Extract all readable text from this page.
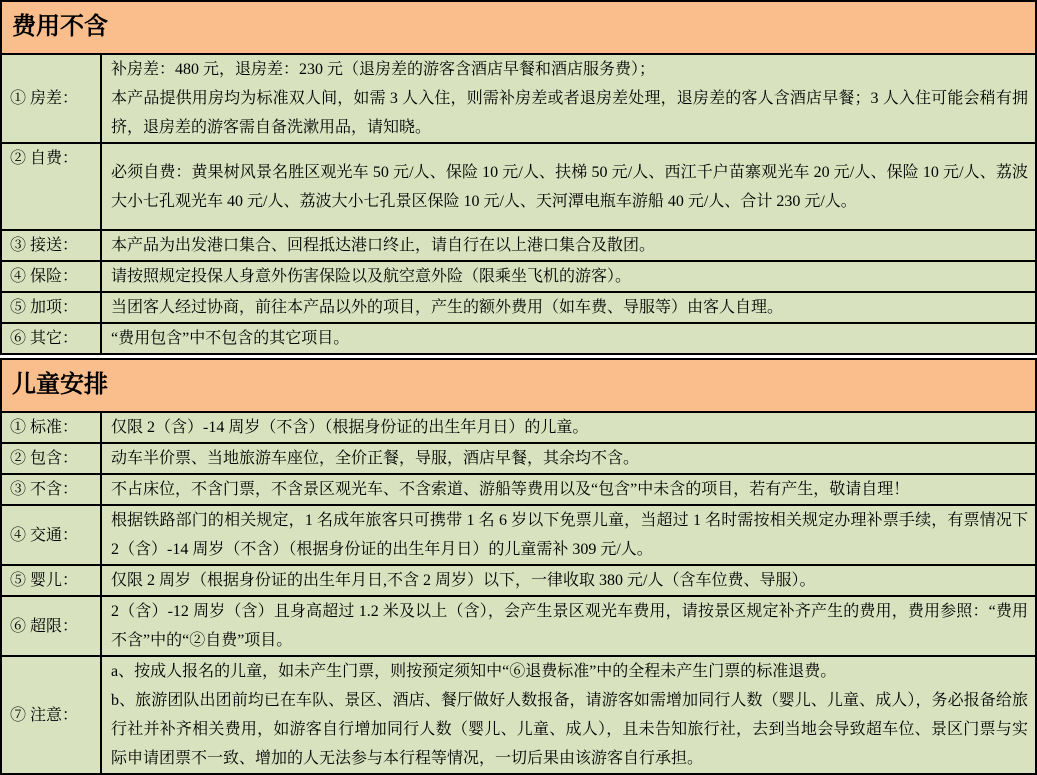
费用不含	
① 房差：	补房差：480 元，退房差：230 元（退房差的游客含酒店早餐和酒店服务费）；
本产品提供用房均为标准双人间，如需 3 人入住，则需补房差或者退房差处理，退房差的客人含酒店早餐；3 人入住可能会稍有拥挤，退房差的游客需自备洗漱用品，请知晓。

② 自费：	必须自费：黄果树风景名胜区观光车 50 元/人、保险 10 元/人、扶梯 50 元/人、西江千户苗寨观光车 20 元/人、保险 10 元/人、荔波大小七孔观光车 40 元/人、荔波大小七孔景区保险 10 元/人、天河潭电瓶车游船 40 元/人、合计 230 元/人。

③ 接送：	本产品为出发港口集合、回程抵达港口终止，请自行在以上港口集合及散团。

④ 保险：	请按照规定投保人身意外伤害保险以及航空意外险（限乘坐飞机的游客）。

⑤ 加项：	当团客人经过协商，前往本产品以外的项目，产生的额外费用（如车费、导服等）由客人自理。

⑥ 其它：	“费用包含”中不包含的其它项目。
儿童安排	
① 标准：	仅限 2（含）-14 周岁（不含）（根据身份证的出生年月日）的儿童。

② 包含：	动车半价票、当地旅游车座位，全价正餐，导服，酒店早餐，其余均不含。

③ 不含：	不占床位，不含门票，不含景区观光车、不含索道、游船等费用以及“包含”中未含的项目，若有产生，敬请自理！

④ 交通：	根据铁路部门的相关规定，1 名成年旅客只可携带 1 名 6 岁以下免票儿童，当超过 1 名时需按相关规定办理补票手续，有票情况下 2（含）-14 周岁（不含）（根据身份证的出生年月日）的儿童需补 309 元/人。

⑤ 婴儿：	仅限 2 周岁（根据身份证的出生年月日,不含 2 周岁）以下，一律收取 380 元/人（含车位费、导服）。

⑥ 超限：	2（含）-12 周岁（含）且身高超过 1.2 米及以上（含），会产生景区观光车费用，请按景区规定补齐产生的费用，费用参照：“费用不含”中的“②自费”项目。

⑦ 注意：	a、按成人报名的儿童，如未产生门票，则按预定须知中“⑥退费标准”中的全程未产生门票的标准退费。
b、旅游团队出团前均已在车队、景区、酒店、餐厅做好人数报备，请游客如需增加同行人数（婴儿、儿童、成人），务必报备给旅行社并补齐相关费用，如游客自行增加同行人数（婴儿、儿童、成人），且未告知旅行社，去到当地会导致超车位、景区门票与实际申请团票不一致、增加的人无法参与本行程等情况，一切后果由该游客自行承担。
